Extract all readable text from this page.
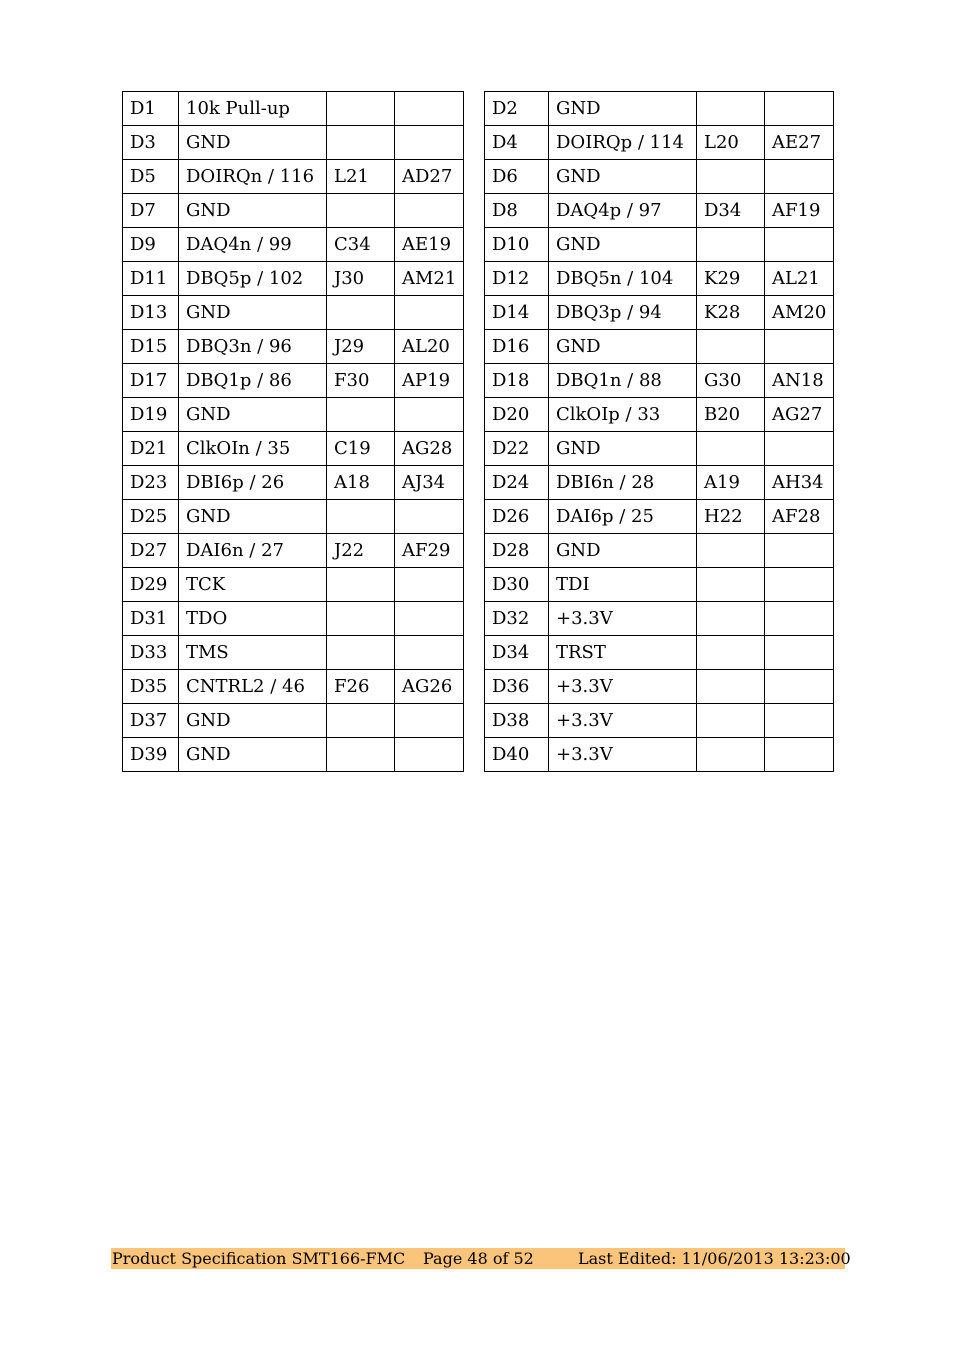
D1	10k Pull-up		
D3	GND		
D5	DOIRQn / 116	L21	AD27
D7	GND		
D9	DAQ4n / 99	C34	AE19
D11	DBQ5p / 102	J30	AM21
D13	GND		
D15	DBQ3n / 96	J29	AL20
D17	DBQ1p / 86	F30	AP19
D19	GND		
D21	ClkOIn / 35	C19	AG28
D23	DBI6p / 26	A18	AJ34
D25	GND		
D27	DAI6n / 27	J22	AF29
D29	TCK		
D31	TDO		
D33	TMS		
D35	CNTRL2 / 46	F26	AG26
D37	GND		
D39	GND		
D2	GND		
D4	DOIRQp / 114	L20	AE27
D6	GND		
D8	DAQ4p / 97	D34	AF19
D10	GND		
D12	DBQ5n / 104	K29	AL21
D14	DBQ3p / 94	K28	AM20
D16	GND		
D18	DBQ1n / 88	G30	AN18
D20	ClkOIp / 33	B20	AG27
D22	GND		
D24	DBI6n / 28	A19	AH34
D26	DAI6p / 25	H22	AF28
D28	GND		
D30	TDI		
D32	+3.3V		
D34	TRST		
D36	+3.3V		
D38	+3.3V		
D40	+3.3V		
Product Specification SMT166-FMC Page 48 of 52	Last Edited: 11/06/2013 13:23:00
